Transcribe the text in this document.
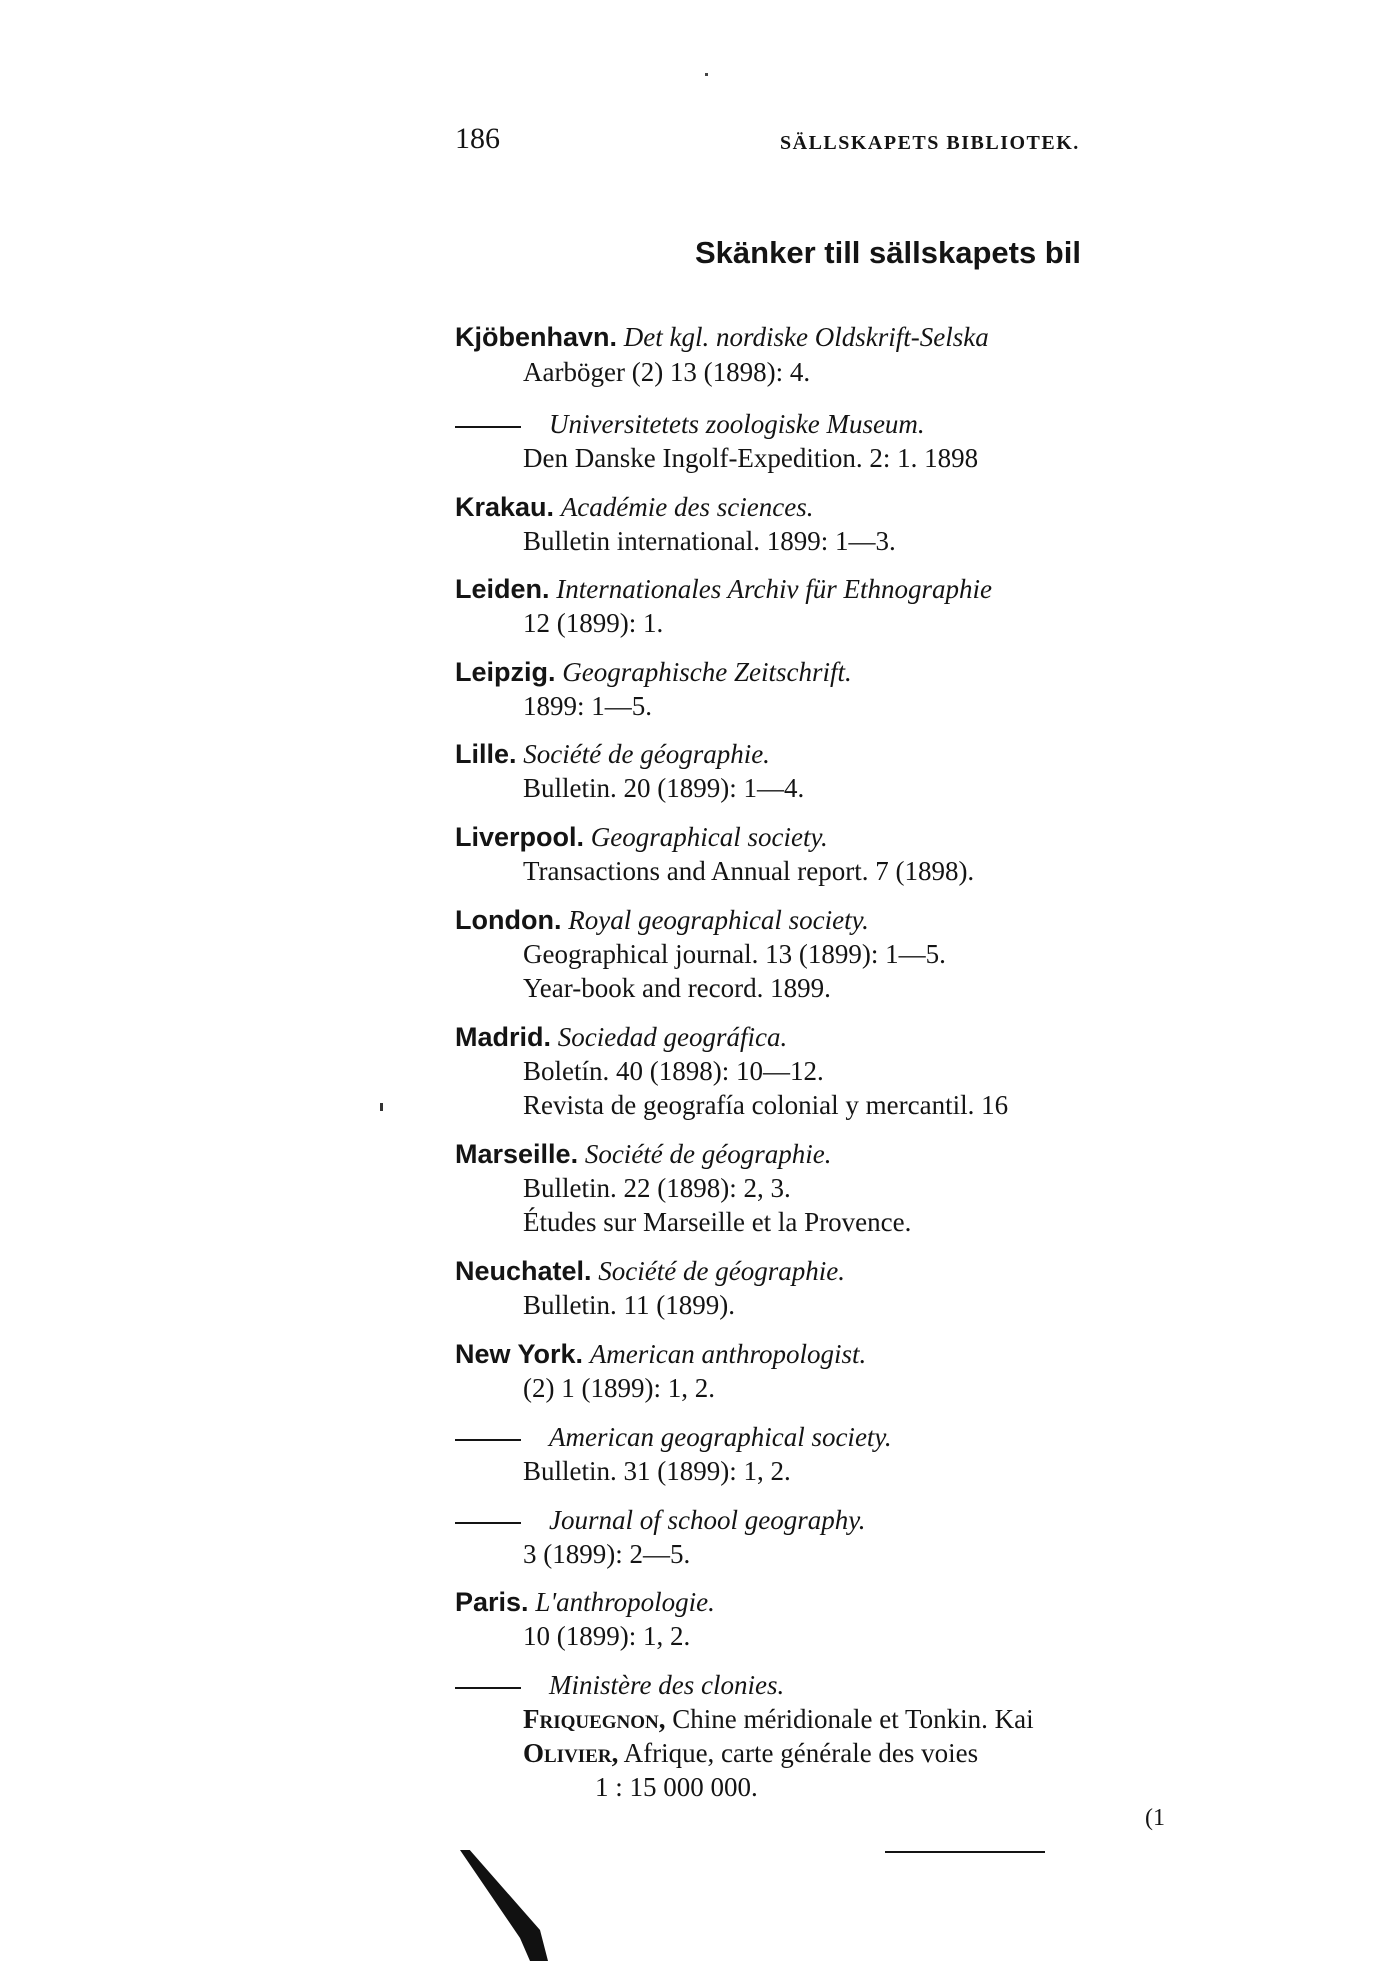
186	SÄLLSKAPETS BIBLIOTEK.
Skänker till sällskapets bil
Kjöbenhavn. Det kgl. nordiske Oldskrift-Selska
Aarböger (2) 13 (1898): 4.
Universitetets zoologiske Museum.
Den Danske Ingolf-Expedition. 2: 1. 1898
Krakau. Académie des sciences.
Bulletin international. 1899: 1—3.
Leiden. Internationales Archiv für Ethnographie
12 (1899): 1.
Leipzig. Geographische Zeitschrift.
1899: 1—5.
Lille. Société de géographie.
Bulletin. 20 (1899): 1—4.
Liverpool. Geographical society.
Transactions and Annual report. 7 (1898).
London. Royal geographical society.
Geographical journal. 13 (1899): 1—5.
Year-book and record. 1899.
Madrid. Sociedad geográfica.
Boletín. 40 (1898): 10—12.
Revista de geografía colonial y mercantil. 16
Marseille. Société de géographie.
Bulletin. 22 (1898): 2, 3.
Études sur Marseille et la Provence.
Neuchatel. Société de géographie.
Bulletin. 11 (1899).
New York. American anthropologist.
(2) 1 (1899): 1, 2.
American geographical society.
Bulletin. 31 (1899): 1, 2.
Journal of school geography.
3 (1899): 2—5.
Paris. L'anthropologie.
10 (1899): 1, 2.
Ministère des clonies.
Friquegnon, Chine méridionale et Tonkin. Kai
Olivier, Afrique, carte générale des voies
1 : 15 000 000.
(1
